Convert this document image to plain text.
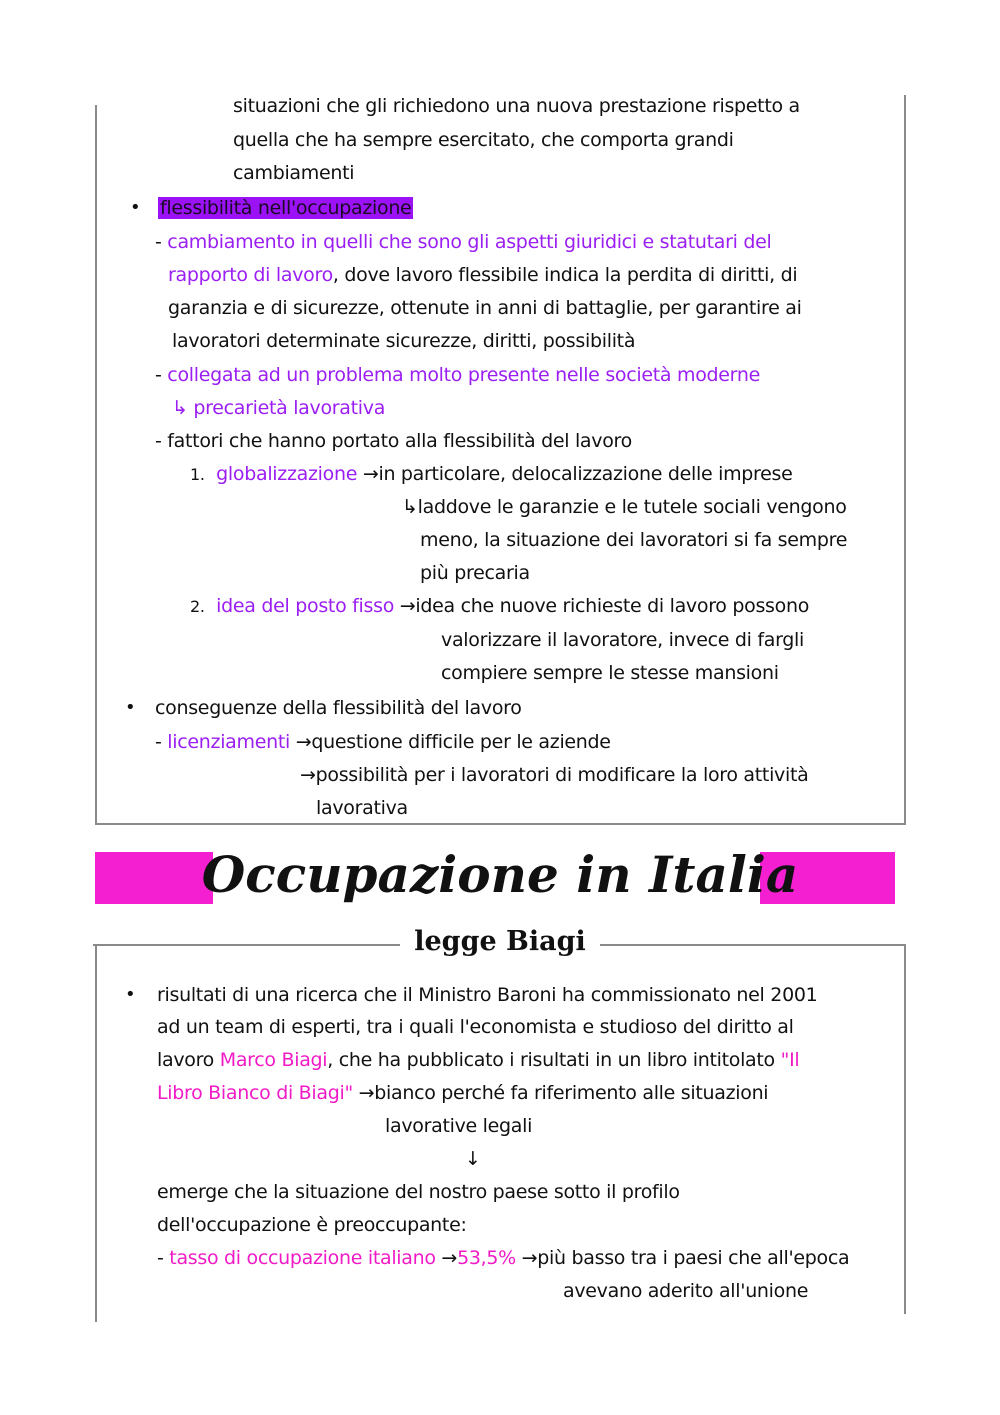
situazioni che gli richiedono una nuova prestazione rispetto a
quella che ha sempre esercitato, che comporta grandi
cambiamenti
• flessibilità nell'occupazione
- cambiamento in quelli che sono gli aspetti giuridici e statutari del
rapporto di lavoro, dove lavoro flessibile indica la perdita di diritti, di
garanzia e di sicurezze, ottenute in anni di battaglie, per garantire ai
lavoratori determinate sicurezze, diritti, possibilità
- collegata ad un problema molto presente nelle società moderne
↳ precarietà lavorativa
- fattori che hanno portato alla flessibilità del lavoro
1. globalizzazione →in particolare, delocalizzazione delle imprese
↳laddove le garanzie e le tutele sociali vengono
meno, la situazione dei lavoratori si fa sempre
più precaria
2. idea del posto fisso →idea che nuove richieste di lavoro possono
valorizzare il lavoratore, invece di fargli
compiere sempre le stesse mansioni
• conseguenze della flessibilità del lavoro
- licenziamenti →questione difficile per le aziende
→possibilità per i lavoratori di modificare la loro attività
lavorativa
Occupazione in Italia
legge Biagi
• risultati di una ricerca che il Ministro Baroni ha commissionato nel 2001
ad un team di esperti, tra i quali l'economista e studioso del diritto al
lavoro Marco Biagi, che ha pubblicato i risultati in un libro intitolato "Il
Libro Bianco di Biagi" →bianco perché fa riferimento alle situazioni
lavorative legali
↓
emerge che la situazione del nostro paese sotto il profilo
dell'occupazione è preoccupante:
- tasso di occupazione italiano →53,5% →più basso tra i paesi che all'epoca
avevano aderito all'unione
